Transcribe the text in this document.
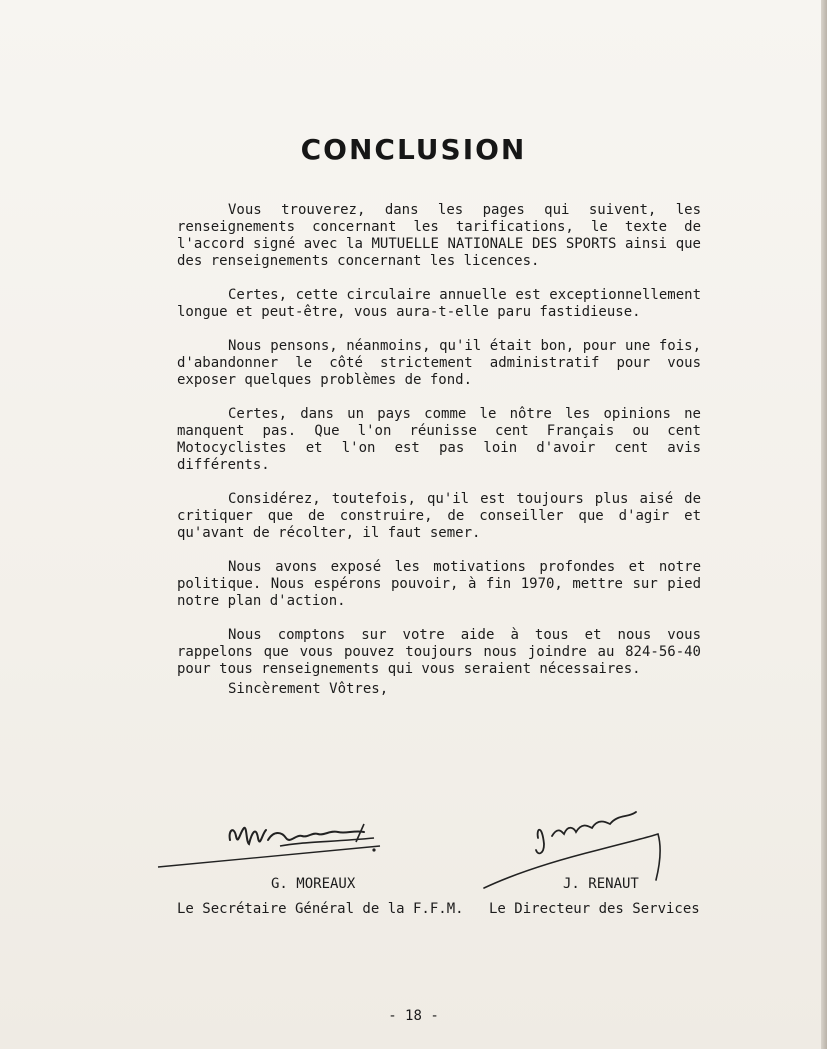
CONCLUSION

Vous trouverez, dans les pages qui suivent, les renseignements concernant les tarifications, le texte de l'accord signé avec la MUTUELLE NATIONALE DES SPORTS ainsi que des renseignements concernant les licences.

Certes, cette circulaire annuelle est exceptionnellement longue et peut-être, vous aura-t-elle paru fastidieuse.

Nous pensons, néanmoins, qu'il était bon, pour une fois, d'abandonner le côté strictement administratif pour vous exposer quelques problèmes de fond.

Certes, dans un pays comme le nôtre les opinions ne manquent pas. Que l'on réunisse cent Français ou cent Motocyclistes et l'on est pas loin d'avoir cent avis différents.

Considérez, toutefois, qu'il est toujours plus aisé de critiquer que de construire, de conseiller que d'agir et qu'avant de récolter, il faut semer.

Nous avons exposé les motivations profondes et notre politique. Nous espérons pouvoir, à fin 1970, mettre sur pied notre plan d'action.

Nous comptons sur votre aide à tous et nous vous rappelons que vous pouvez toujours nous joindre au 824-56-40 pour tous renseignements qui vous seraient nécessaires.

Sincèrement Vôtres,
G. MOREAUX	J. RENAUT
Le Secrétaire Général de la F.F.M. Le Directeur des Services
- 18 -
